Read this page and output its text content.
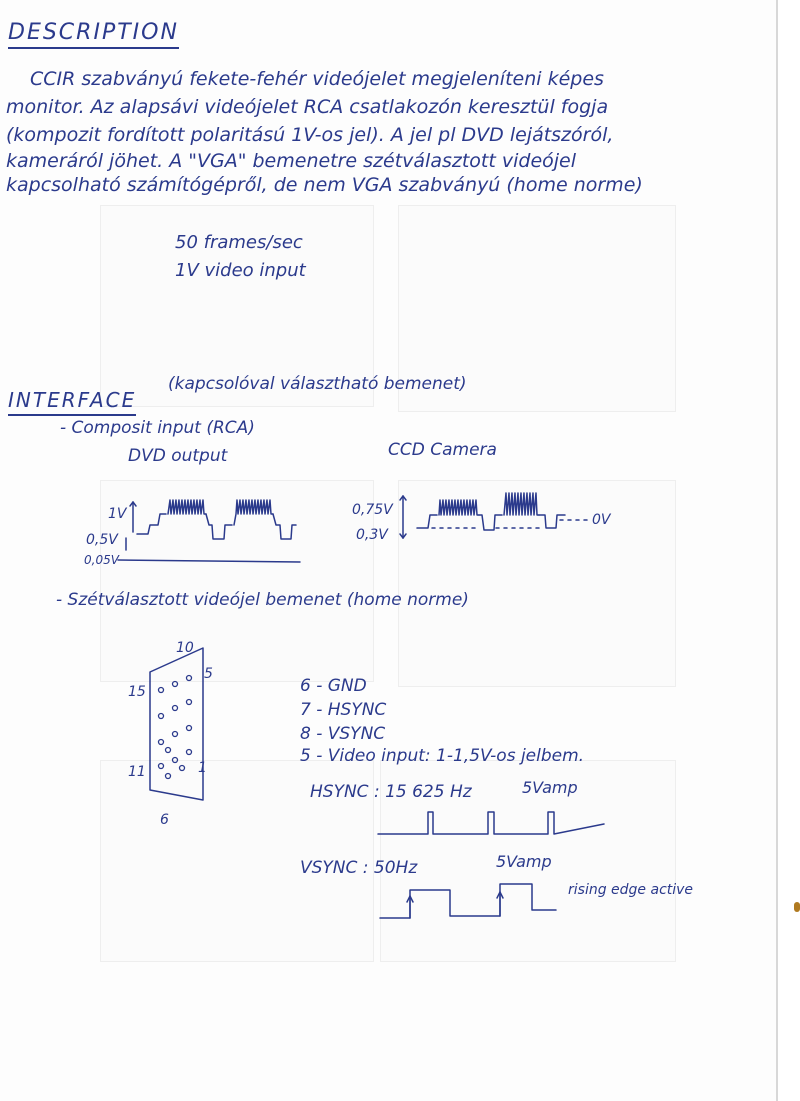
DESCRIPTION
CCIR szabványú fekete-fehér videójelet megjeleníteni képes
monitor. Az alapsávi videójelet RCA csatlakozón keresztül fogja
(kompozit fordított polaritású 1V-os jel). A jel pl DVD lejátszóról,
kameráról jöhet. A "VGA" bemenetre szétválasztott videójel
kapcsolható számítógépről, de nem VGA szabványú (home norme)
50 frames/sec
1V video input
INTERFACE
(kapcsolóval választható bemenet)
- Composit input (RCA)
DVD output	CCD Camera
1V
0,5V
0,05V
0,75V
0,3V
0V
- Szétválasztott videójel bemenet (home norme)
10
5
15
11	1
6
6 - GND
7 - HSYNC
8 - VSYNC
5 - Video input: 1-1,5V-os jelbem.
HSYNC : 15 625 Hz	5Vamp
VSYNC : 50Hz	5Vamp
rising edge active
